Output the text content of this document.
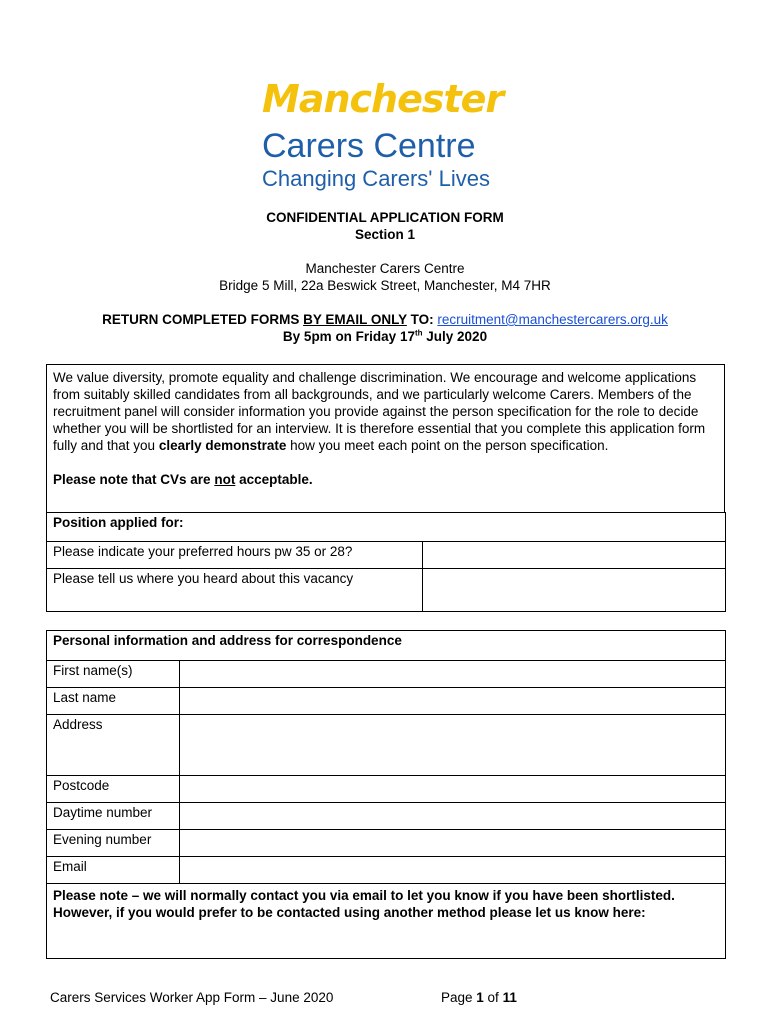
Manchester
Carers Centre
Changing Carers' Lives
CONFIDENTIAL APPLICATION FORM
Section 1
Manchester Carers Centre
Bridge 5 Mill, 22a Beswick Street, Manchester, M4 7HR
RETURN COMPLETED FORMS BY EMAIL ONLY TO: recruitment@manchestercarers.org.uk
By 5pm on Friday 17th July 2020

We value diversity, promote equality and challenge discrimination. We encourage and welcome applications from suitably skilled candidates from all backgrounds, and we particularly welcome Carers. Members of the recruitment panel will consider information you provide against the person specification for the role to decide whether you will be shortlisted for an interview. It is therefore essential that you complete this application form fully and that you clearly demonstrate how you meet each point on the person specification.

Please note that CVs are not acceptable.

Position applied for:	
Please indicate your preferred hours pw 35 or 28?	
Please tell us where you heard about this vacancy	
Personal information and address for correspondence	
First name(s)	
Last name	
Address	
Postcode	
Daytime number	
Evening number	
Email	
Please note – we will normally contact you via email to let you know if you have been shortlisted. However, if you would prefer to be contacted using another method please let us know here:	
Carers Services Worker App Form – June 2020	Page 1 of 11
